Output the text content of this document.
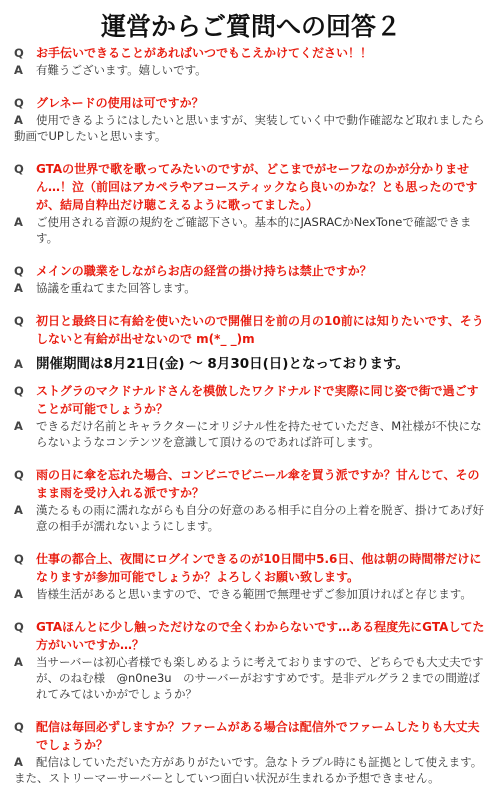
運営からご質問への回答２
Q	お手伝いできることがあればいつでもこえかけてください！！
A	有難うございます。嬉しいです。
Q	グレネードの使用は可ですか？
A 使用できるようにはしたいと思いますが、実装していく中で動作確認など取れましたら動画でUPしたいと思います。
Q	GTAの世界で歌を歌ってみたいのですが、どこまでがセーフなのかが分かりません…！泣（前回はアカペラやアコースティックなら良いのかな？とも思ったのですが、結局自粋出だけ聴こえるように歌ってました。）
A	ご使用される音源の規約をご確認下さい。基本的にJASRACかNexToneで確認できます。
Q	メインの職業をしながらお店の経営の掛け持ちは禁止ですか？
A	協議を重ねてまた回答します。
Q	初日と最終日に有給を使いたいので開催日を前の月の10前には知りたいです、そうしないと有給が出せないので m(*_ _)m
A 開催期間は8月21日(金) 〜 8月30日(日)となっております。
Q	ストグラのマクドナルドさんを模倣したワクドナルドで実際に同じ姿で街で過ごすことが可能でしょうか？
A	できるだけ名前とキャラクターにオリジナル性を持たせていただき、M社様が不快にならないようなコンテンツを意識して頂けるのであれば許可します。
Q	雨の日に傘を忘れた場合、コンビニでビニール傘を買う派ですか？甘んじて、そのまま雨を受け入れる派ですか？
A	漢たるもの雨に濡れながらも自分の好意のある相手に自分の上着を脱ぎ、掛けてあげ好意の相手が濡れないようにします。
Q	仕事の都合上、夜間にログインできるのが10日間中5.6日、他は朝の時間帯だけになりますが参加可能でしょうか？よろしくお願い致します。
A	皆様生活があると思いますので、できる範囲で無理せずご参加頂ければと存じます。
Q	GTAほんとに少し触っただけなので全くわからないです…ある程度先にGTAしてた方がいいですか…？
A	当サーバーは初心者様でも楽しめるように考えておりますので、どちらでも大丈夫ですが、のねむ様　@n0ne3u　のサーバーがおすすめです。是非デルグラ２までの間遊ばれてみてはいかがでしょうか？
Q	配信は毎回必ずしますか？ファームがある場合は配信外でファームしたりも大丈夫でしょうか？
A 配信はしていただいた方がありがたいです。急なトラブル時にも証拠として使えます。また、ストリーマーサーバーとしていつ面白い状況が生まれるか予想できません。
